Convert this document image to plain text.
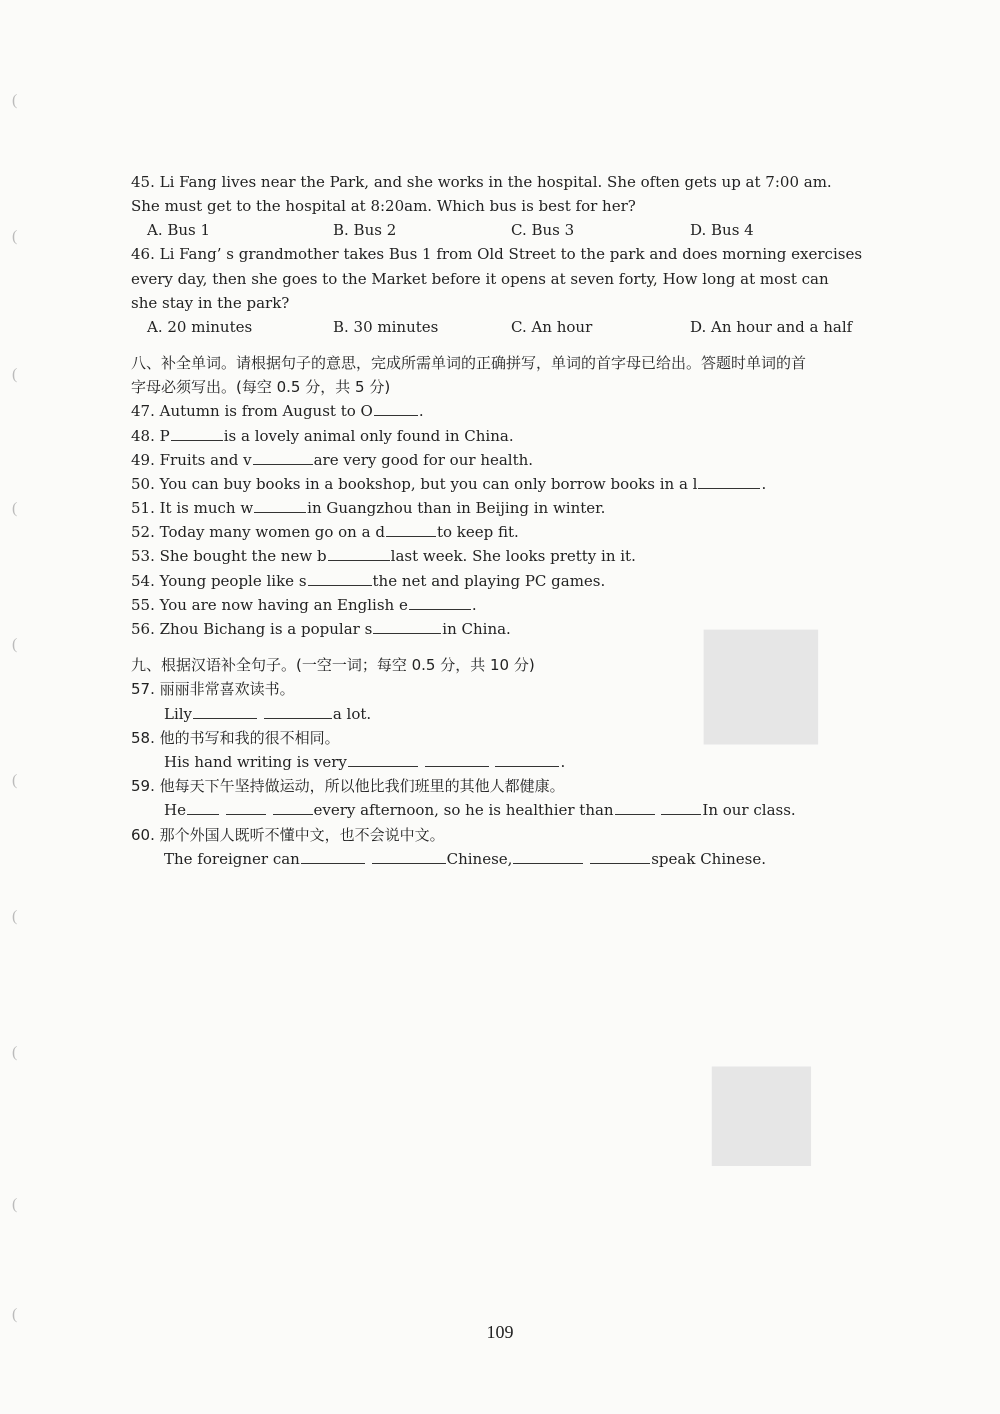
(
(
(
(
(
(
(
(
(
(
■
■
45. Li Fang lives near the Park, and she works in the hospital. She often gets up at 7:00 am.
She must get to the hospital at 8:20am. Which bus is best for her?
A. Bus 1	B. Bus 2	C. Bus 3	D. Bus 4
46. Li Fang’ s grandmother takes Bus 1 from Old Street to the park and does morning exercises
every day, then she goes to the Market before it opens at seven forty, How long at most can
she stay in the park?
A. 20 minutes	B. 30 minutes	C. An hour	D. An hour and a half
八、补全单词。请根据句子的意思，完成所需单词的正确拼写，单词的首字母已给出。答题时单词的首
字母必须写出。(每空 0.5 分，共 5 分)
47. Autumn is from August to O	.
48. P	is a lovely animal only found in China.
49. Fruits and v	are very good for our health.
50. You can buy books in a bookshop, but you can only borrow books in a l	.
51. It is much w	in Guangzhou than in Beijing in winter.
52. Today many women go on a d	to keep fit.
53. She bought the new b	last week. She looks pretty in it.
54. Young people like s	the net and playing PC games.
55. You are now having an English e	.
56. Zhou Bichang is a popular s	in China.
九、根据汉语补全句子。(一空一词；每空 0.5 分，共 10 分)
57. 丽丽非常喜欢读书。
Lily	a lot.
58. 他的书写和我的很不相同。
His hand writing is very	.
59. 他每天下午坚持做运动，所以他比我们班里的其他人都健康。
He	every afternoon, so he is healthier than	In our class.
60. 那个外国人既听不懂中文，也不会说中文。
The foreigner can	Chinese,	speak Chinese.
109
